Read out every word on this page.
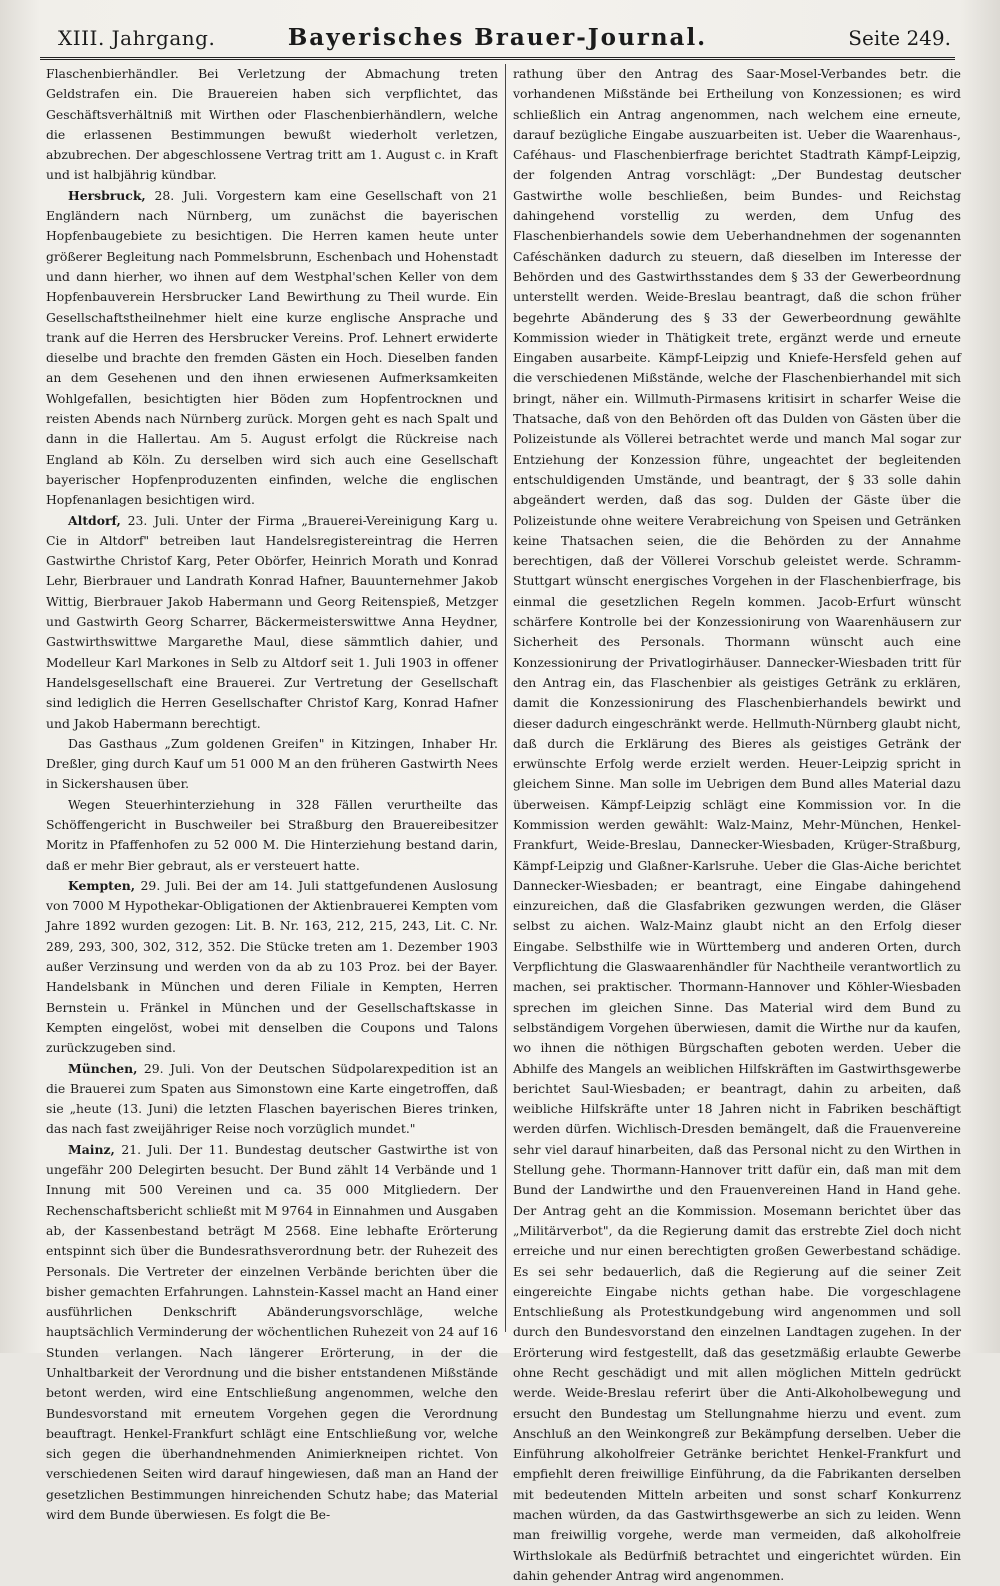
XIII. Jahrgang.	Bayerisches Brauer-Journal.	Seite 249.

Flaschenbierhändler. Bei Verletzung der Abmachung treten Geldstrafen ein. Die Brauereien haben sich verpflichtet, das Geschäftsverhältniß mit Wirthen oder Flaschenbierhändlern, welche die erlassenen Bestimmungen bewußt wiederholt verletzen, abzubrechen. Der abgeschlossene Vertrag tritt am 1. August c. in Kraft und ist halbjährig kündbar.

Hersbruck, 28. Juli. Vorgestern kam eine Gesellschaft von 21 Engländern nach Nürnberg, um zunächst die bayerischen Hopfenbaugebiete zu besichtigen. Die Herren kamen heute unter größerer Begleitung nach Pommelsbrunn, Eschenbach und Hohenstadt und dann hierher, wo ihnen auf dem Westphal'schen Keller von dem Hopfenbauverein Hersbrucker Land Bewirthung zu Theil wurde. Ein Gesellschaftstheilnehmer hielt eine kurze englische Ansprache und trank auf die Herren des Hersbrucker Vereins. Prof. Lehnert erwiderte dieselbe und brachte den fremden Gästen ein Hoch. Dieselben fanden an dem Gesehenen und den ihnen erwiesenen Aufmerksamkeiten Wohlgefallen, besichtigten hier Böden zum Hopfentrocknen und reisten Abends nach Nürnberg zurück. Morgen geht es nach Spalt und dann in die Hallertau. Am 5. August erfolgt die Rückreise nach England ab Köln. Zu derselben wird sich auch eine Gesellschaft bayerischer Hopfenproduzenten einfinden, welche die englischen Hopfenanlagen besichtigen wird.

Altdorf, 23. Juli. Unter der Firma „Brauerei-Vereinigung Karg u. Cie in Altdorf" betreiben laut Handelsregistereintrag die Herren Gastwirthe Christof Karg, Peter Obörfer, Heinrich Morath und Konrad Lehr, Bierbrauer und Landrath Konrad Hafner, Bauunternehmer Jakob Wittig, Bierbrauer Jakob Habermann und Georg Reitenspieß, Metzger und Gastwirth Georg Scharrer, Bäckermeisterswittwe Anna Heydner, Gastwirthswittwe Margarethe Maul, diese sämmtlich dahier, und Modelleur Karl Markones in Selb zu Altdorf seit 1. Juli 1903 in offener Handelsgesellschaft eine Brauerei. Zur Vertretung der Gesellschaft sind lediglich die Herren Gesellschafter Christof Karg, Konrad Hafner und Jakob Habermann berechtigt.

Das Gasthaus „Zum goldenen Greifen" in Kitzingen, Inhaber Hr. Dreßler, ging durch Kauf um 51 000 M an den früheren Gastwirth Nees in Sickershausen über.

Wegen Steuerhinterziehung in 328 Fällen verurtheilte das Schöffengericht in Buschweiler bei Straßburg den Brauereibesitzer Moritz in Pfaffenhofen zu 52 000 M. Die Hinterziehung bestand darin, daß er mehr Bier gebraut, als er versteuert hatte.

Kempten, 29. Juli. Bei der am 14. Juli stattgefundenen Auslosung von 7000 M Hypothekar-Obligationen der Aktienbrauerei Kempten vom Jahre 1892 wurden gezogen: Lit. B. Nr. 163, 212, 215, 243, Lit. C. Nr. 289, 293, 300, 302, 312, 352. Die Stücke treten am 1. Dezember 1903 außer Verzinsung und werden von da ab zu 103 Proz. bei der Bayer. Handelsbank in München und deren Filiale in Kempten, Herren Bernstein u. Fränkel in München und der Gesellschaftskasse in Kempten eingelöst, wobei mit denselben die Coupons und Talons zurückzugeben sind.

München, 29. Juli. Von der Deutschen Südpolarexpedition ist an die Brauerei zum Spaten aus Simonstown eine Karte eingetroffen, daß sie „heute (13. Juni) die letzten Flaschen bayerischen Bieres trinken, das nach fast zweijähriger Reise noch vorzüglich mundet."

Mainz, 21. Juli. Der 11. Bundestag deutscher Gastwirthe ist von ungefähr 200 Delegirten besucht. Der Bund zählt 14 Verbände und 1 Innung mit 500 Vereinen und ca. 35 000 Mitgliedern. Der Rechenschaftsbericht schließt mit M 9764 in Einnahmen und Ausgaben ab, der Kassenbestand beträgt M 2568. Eine lebhafte Erörterung entspinnt sich über die Bundesrathsverordnung betr. der Ruhezeit des Personals. Die Vertreter der einzelnen Verbände berichten über die bisher gemachten Erfahrungen. Lahnstein-Kassel macht an Hand einer ausführlichen Denkschrift Abänderungsvorschläge, welche hauptsächlich Verminderung der wöchentlichen Ruhezeit von 24 auf 16 Stunden verlangen. Nach längerer Erörterung, in der die Unhaltbarkeit der Verordnung und die bisher entstandenen Mißstände betont werden, wird eine Entschließung angenommen, welche den Bundesvorstand mit erneutem Vorgehen gegen die Verordnung beauftragt. Henkel-Frankfurt schlägt eine Entschließung vor, welche sich gegen die überhandnehmenden Animierkneipen richtet. Von verschiedenen Seiten wird darauf hingewiesen, daß man an Hand der gesetzlichen Bestimmungen hinreichenden Schutz habe; das Material wird dem Bunde überwiesen. Es folgt die Be-

rathung über den Antrag des Saar-Mosel-Verbandes betr. die vorhandenen Mißstände bei Ertheilung von Konzessionen; es wird schließlich ein Antrag angenommen, nach welchem eine erneute, darauf bezügliche Eingabe auszuarbeiten ist. Ueber die Waarenhaus-, Caféhaus- und Flaschenbierfrage berichtet Stadtrath Kämpf-Leipzig, der folgenden Antrag vorschlägt: „Der Bundestag deutscher Gastwirthe wolle beschließen, beim Bundes- und Reichstag dahingehend vorstellig zu werden, dem Unfug des Flaschenbierhandels sowie dem Ueberhandnehmen der sogenannten Caféschänken dadurch zu steuern, daß dieselben im Interesse der Behörden und des Gastwirthsstandes dem § 33 der Gewerbeordnung unterstellt werden. Weide-Breslau beantragt, daß die schon früher begehrte Abänderung des § 33 der Gewerbeordnung gewählte Kommission wieder in Thätigkeit trete, ergänzt werde und erneute Eingaben ausarbeite. Kämpf-Leipzig und Kniefe-Hersfeld gehen auf die verschiedenen Mißstände, welche der Flaschenbierhandel mit sich bringt, näher ein. Willmuth-Pirmasens kritisirt in scharfer Weise die Thatsache, daß von den Behörden oft das Dulden von Gästen über die Polizeistunde als Völlerei betrachtet werde und manch Mal sogar zur Entziehung der Konzession führe, ungeachtet der begleitenden entschuldigenden Umstände, und beantragt, der § 33 solle dahin abgeändert werden, daß das sog. Dulden der Gäste über die Polizeistunde ohne weitere Verabreichung von Speisen und Getränken keine Thatsachen seien, die die Behörden zu der Annahme berechtigen, daß der Völlerei Vorschub geleistet werde. Schramm-Stuttgart wünscht energisches Vorgehen in der Flaschenbierfrage, bis einmal die gesetzlichen Regeln kommen. Jacob-Erfurt wünscht schärfere Kontrolle bei der Konzessionirung von Waarenhäusern zur Sicherheit des Personals. Thormann wünscht auch eine Konzessionirung der Privatlogirhäuser. Dannecker-Wiesbaden tritt für den Antrag ein, das Flaschenbier als geistiges Getränk zu erklären, damit die Konzessionirung des Flaschenbierhandels bewirkt und dieser dadurch eingeschränkt werde. Hellmuth-Nürnberg glaubt nicht, daß durch die Erklärung des Bieres als geistiges Getränk der erwünschte Erfolg werde erzielt werden. Heuer-Leipzig spricht in gleichem Sinne. Man solle im Uebrigen dem Bund alles Material dazu überweisen. Kämpf-Leipzig schlägt eine Kommission vor. In die Kommission werden gewählt: Walz-Mainz, Mehr-München, Henkel-Frankfurt, Weide-Breslau, Dannecker-Wiesbaden, Krüger-Straßburg, Kämpf-Leipzig und Glaßner-Karlsruhe. Ueber die Glas-Aiche berichtet Dannecker-Wiesbaden; er beantragt, eine Eingabe dahingehend einzureichen, daß die Glasfabriken gezwungen werden, die Gläser selbst zu aichen. Walz-Mainz glaubt nicht an den Erfolg dieser Eingabe. Selbsthilfe wie in Württemberg und anderen Orten, durch Verpflichtung die Glaswaarenhändler für Nachtheile verantwortlich zu machen, sei praktischer. Thormann-Hannover und Köhler-Wiesbaden sprechen im gleichen Sinne. Das Material wird dem Bund zu selbständigem Vorgehen überwiesen, damit die Wirthe nur da kaufen, wo ihnen die nöthigen Bürgschaften geboten werden. Ueber die Abhilfe des Mangels an weiblichen Hilfskräften im Gastwirthsgewerbe berichtet Saul-Wiesbaden; er beantragt, dahin zu arbeiten, daß weibliche Hilfskräfte unter 18 Jahren nicht in Fabriken beschäftigt werden dürfen. Wichlisch-Dresden bemängelt, daß die Frauenvereine sehr viel darauf hinarbeiten, daß das Personal nicht zu den Wirthen in Stellung gehe. Thormann-Hannover tritt dafür ein, daß man mit dem Bund der Landwirthe und den Frauenvereinen Hand in Hand gehe. Der Antrag geht an die Kommission. Mosemann berichtet über das „Militärverbot", da die Regierung damit das erstrebte Ziel doch nicht erreiche und nur einen berechtigten großen Gewerbestand schädige. Es sei sehr bedauerlich, daß die Regierung auf die seiner Zeit eingereichte Eingabe nichts gethan habe. Die vorgeschlagene Entschließung als Protestkundgebung wird angenommen und soll durch den Bundesvorstand den einzelnen Landtagen zugehen. In der Erörterung wird festgestellt, daß das gesetzmäßig erlaubte Gewerbe ohne Recht geschädigt und mit allen möglichen Mitteln gedrückt werde. Weide-Breslau referirt über die Anti-Alkoholbewegung und ersucht den Bundestag um Stellungnahme hierzu und event. zum Anschluß an den Weinkongreß zur Bekämpfung derselben. Ueber die Einführung alkoholfreier Getränke berichtet Henkel-Frankfurt und empfiehlt deren freiwillige Einführung, da die Fabrikanten derselben mit bedeutenden Mitteln arbeiten und sonst scharf Konkurrenz machen würden, da das Gastwirthsgewerbe an sich zu leiden. Wenn man freiwillig vorgehe, werde man vermeiden, daß alkoholfreie Wirthslokale als Bedürfniß betrachtet und eingerichtet würden. Ein dahin gehender Antrag wird angenommen.
